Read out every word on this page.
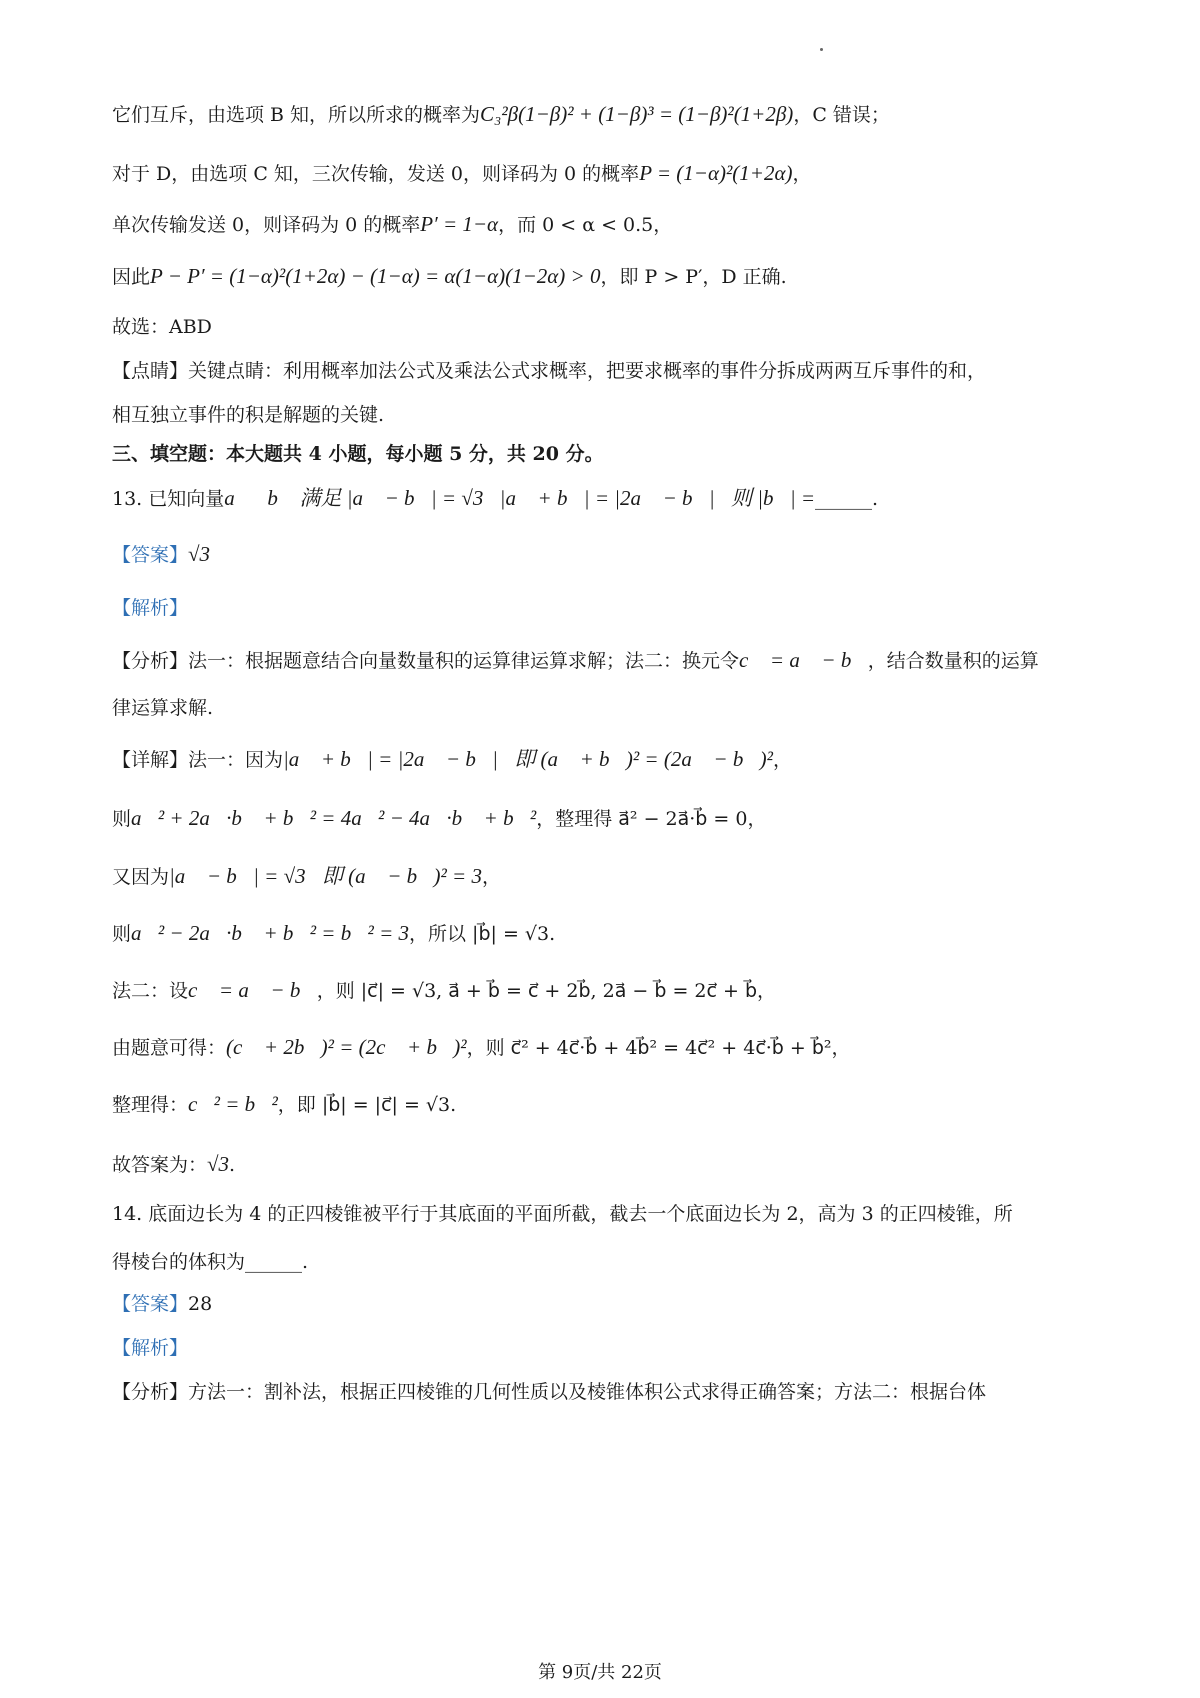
它们互斥，由选项 B 知，所以所求的概率为C₃²β(1−β)² + (1−β)³ = (1−β)²(1+2β)，C 错误；
对于 D，由选项 C 知，三次传输，发送 0，则译码为 0 的概率P = (1−α)²(1+2α)，
单次传输发送 0，则译码为 0 的概率P′ = 1−α，而 0 < α < 0.5，
因此P − P′ = (1−α)²(1+2α) − (1−α) = α(1−α)(1−2α) > 0，即 P > P′，D 正确.
故选：ABD
【点睛】关键点睛：利用概率加法公式及乘法公式求概率，把要求概率的事件分拆成两两互斥事件的和，
相互独立事件的积是解题的关键.
三、填空题：本大题共 4 小题，每小题 5 分，共 20 分。
13. 已知向量a⃗，b⃗ 满足 |a⃗ − b⃗| = √3，|a⃗ + b⃗| = |2a⃗ − b⃗|，则 |b⃗| =______.
【答案】√3
【解析】
【分析】法一：根据题意结合向量数量积的运算律运算求解；法二：换元令c⃗ = a⃗ − b⃗，结合数量积的运算
律运算求解.
【详解】法一：因为|a⃗ + b⃗| = |2a⃗ − b⃗|，即 (a⃗ + b⃗)² = (2a⃗ − b⃗)²，
则a⃗² + 2a⃗·b⃗ + b⃗² = 4a⃗² − 4a⃗·b⃗ + b⃗²，整理得 a⃗² − 2a⃗·b⃗ = 0，
又因为|a⃗ − b⃗| = √3，即 (a⃗ − b⃗)² = 3，
则a⃗² − 2a⃗·b⃗ + b⃗² = b⃗² = 3，所以 |b⃗| = √3.
法二：设c⃗ = a⃗ − b⃗，则 |c⃗| = √3, a⃗ + b⃗ = c⃗ + 2b⃗, 2a⃗ − b⃗ = 2c⃗ + b⃗，
由题意可得：(c⃗ + 2b⃗)² = (2c⃗ + b⃗)²，则 c⃗² + 4c⃗·b⃗ + 4b⃗² = 4c⃗² + 4c⃗·b⃗ + b⃗²，
整理得：c⃗² = b⃗²，即 |b⃗| = |c⃗| = √3.
故答案为：√3.
14. 底面边长为 4 的正四棱锥被平行于其底面的平面所截，截去一个底面边长为 2，高为 3 的正四棱锥，所
得棱台的体积为______.
【答案】28
【解析】
【分析】方法一：割补法，根据正四棱锥的几何性质以及棱锥体积公式求得正确答案；方法二：根据台体
第 9页/共 22页
